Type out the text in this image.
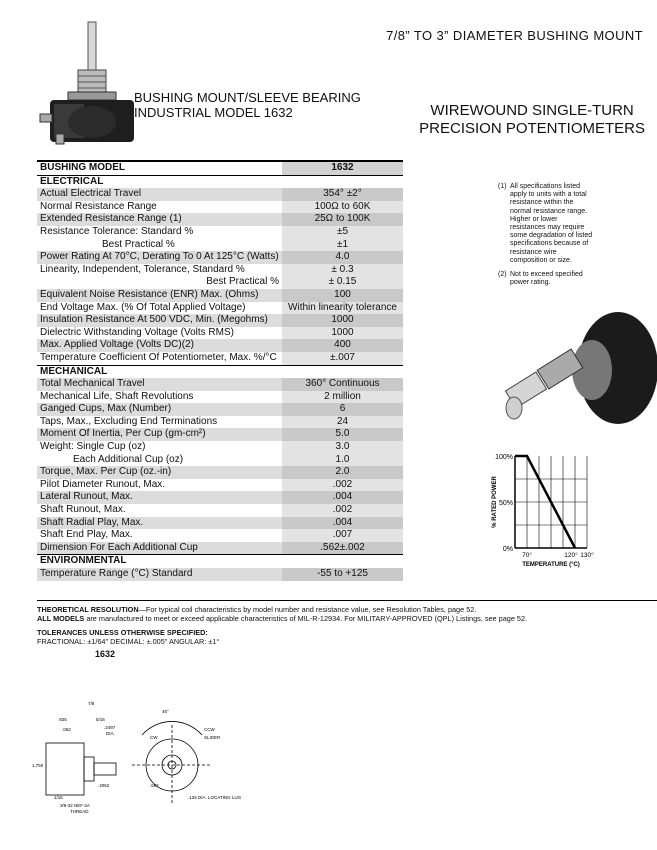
7/8” TO 3” DIAMETER BUSHING MOUNT
BUSHING MOUNT/SLEEVE BEARING
INDUSTRIAL MODEL 1632	WIREWOUND SINGLE-TURN
PRECISION POTENTIOMETERS
BUSHING MODEL	1632
ELECTRICAL	
Actual Electrical Travel	354° ±2°
Normal Resistance Range	100Ω to 60K
Extended Resistance Range (1)	25Ω to 100K
Resistance Tolerance: Standard %	±5
Best Practical %	±1
Power Rating At 70°C, Derating To 0 At 125°C (Watts)	4.0
Linearity, Independent, Tolerance, Standard %	± 0.3
Best Practical %	± 0.15
Equivalent Noise Resistance (ENR) Max. (Ohms)	100
End Voltage Max. (% Of Total Applied Voltage)	Within linearity tolerance
Insulation Resistance At 500 VDC, Min. (Megohms)	1000
Dielectric Withstanding Voltage (Volts RMS)	1000
Max. Applied Voltage (Volts DC)(2)	400
Temperature Coefficient Of Potentiometer, Max. %/°C	±.007
MECHANICAL	
Total Mechanical Travel	360° Continuous
Mechanical Life, Shaft Revolutions	2 million
Ganged Cups, Max (Number)	6
Taps, Max., Excluding End Terminations	24
Moment Of Inertia, Per Cup (gm-cm²)	5.0
Weight: Single Cup (oz)	3.0
Each Additional Cup (oz)	1.0
Torque, Max. Per Cup (oz.-in)	2.0
Pilot Diameter Runout, Max.	.002
Lateral Runout, Max.	.004
Shaft Runout, Max.	.002
Shaft Radial Play, Max.	.004
Shaft End Play, Max.	.007
Dimension For Each Additional Cup	.562±.002
ENVIRONMENTAL	
Temperature Range (°C) Standard	-55 to +125
(1) All specifications listed apply to units with a total resistance within the normal resistance range. Higher or lower resistances may require some degradation of listed specifications because of resistance wire composition or size.
(2) Not to exceed specified power rating.
100%
50%
0%
70°	120° 130°
TEMPERATURE (°C)
% RATED POWER
THEORETICAL RESOLUTION—For typical coil characteristics by model number and resistance value, see Resolution Tables, page 52.
ALL MODELS are manufactured to meet or exceed applicable characteristics of MIL-R-12934. For MILITARY-APPROVED (QPL) Listings, see page 52.
TOLERANCES UNLESS OTHERWISE SPECIFIED:
FRACTIONAL: ±1/64″ DECIMAL: ±.005″ ANGULAR: ±1°
1632
7/8
.925
.062
5/16
.2497
DIA.
1.750
.4062
3/8-32 NEF-2A
THREAD
1/16
45°
CCW
CW	SLIDER
.562
.125 DIA. LOCATING LUG
